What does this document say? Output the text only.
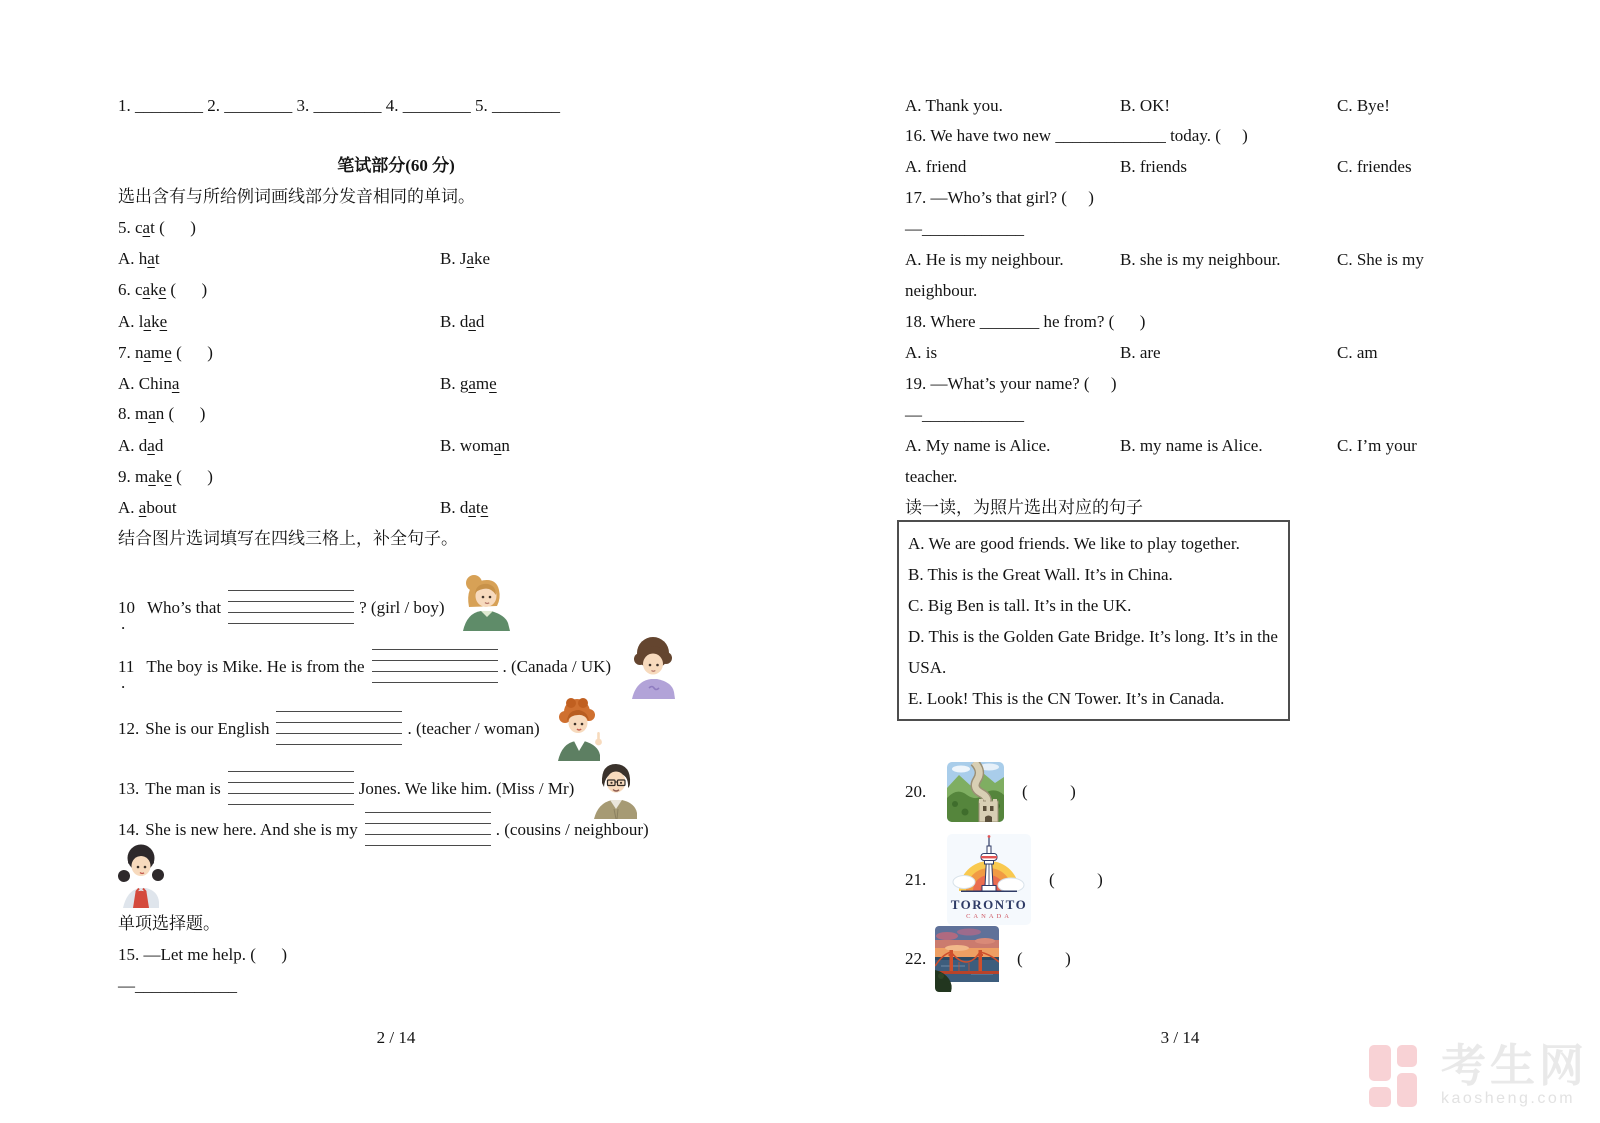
1. ________ 2. ________ 3. ________ 4. ________ 5. ________
笔试部分(60 分)
选出含有与所给例词画线部分发音相同的单词。
5. cat (      )
A. hat	B. Jake
6. cake (      )
A. lake	B. dad
7. name (      )
A. China	B. game
8. man (      )
A. dad	B. woman
9. make (      )
A. about	B. date
结合图片选词填写在四线三格上，补全句子。
10
.
Who’s that	? (girl / boy)
11
.
The boy is Mike. He is from the	. (Canada / UK)
12. She is our English	. (teacher / woman)
13. The man is	Jones. We like him. (Miss / Mr)
14. She is new here. And she is my	. (cousins / neighbour)
单项选择题。
15. —Let me help. (      )
—____________
2 / 14
A. Thank you.	B. OK!	C. Bye!
16. We have two new _____________ today. (     )
A. friend	B. friends	C. friendes
17. —Who’s that girl? (     )
—____________
A. He is my neighbour.	B. she is my neighbour.	C. She is my
neighbour.
18. Where _______ he from? (      )
A. is	B. are	C. am
19. —What’s your name? (     )
—____________
A. My name is Alice.	B. my name is Alice.	C. I’m your
teacher.
读一读，为照片选出对应的句子
A. We are good friends. We like to play together.
B. This is the Great Wall. It’s in China.
C. Big Ben is tall. It’s in the UK.
D. This is the Golden Gate Bridge. It’s long. It’s in the
USA.
E. Look! This is the CN Tower. It’s in Canada.
20.	(          )
21.
TORONTO
CANADA
(          )
22.	(          )
3 / 14
考生网
kaosheng.com
